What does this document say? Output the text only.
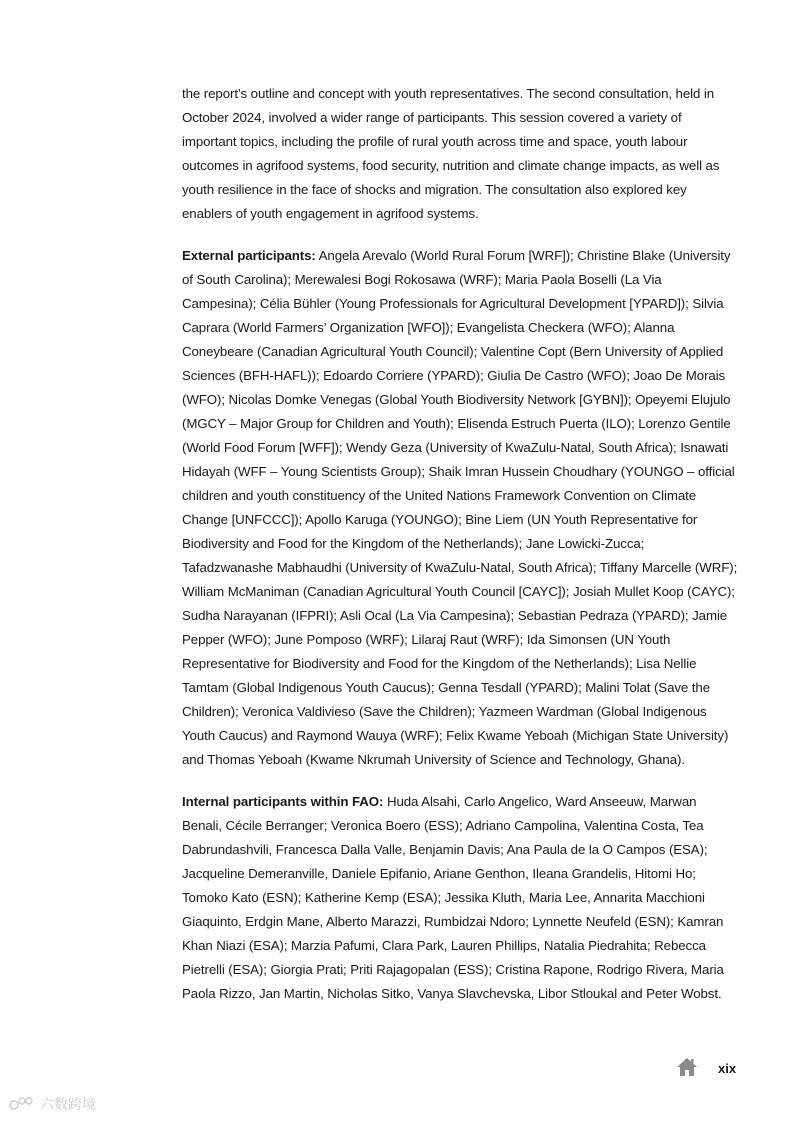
the report’s outline and concept with youth representatives. The second consultation, held in October 2024, involved a wider range of participants. This session covered a variety of important topics, including the profile of rural youth across time and space, youth labour outcomes in agrifood systems, food security, nutrition and climate change impacts, as well as youth resilience in the face of shocks and migration. The consultation also explored key enablers of youth engagement in agrifood systems.

External participants: Angela Arevalo (World Rural Forum [WRF]); Christine Blake (University of South Carolina); Merewalesi Bogi Rokosawa (WRF); Maria Paola Boselli (La Via Campesina); Célia Bühler (Young Professionals for Agricultural Development [YPARD]); Silvia Caprara (World Farmers’ Organization [WFO]); Evangelista Checkera (WFO); Alanna Coneybeare (Canadian Agricultural Youth Council); Valentine Copt (Bern University of Applied Sciences (BFH-HAFL)); Edoardo Corriere (YPARD); Giulia De Castro (WFO); Joao De Morais (WFO); Nicolas Domke Venegas (Global Youth Biodiversity Network [GYBN]); Opeyemi Elujulo (MGCY – Major Group for Children and Youth); Elisenda Estruch Puerta (ILO); Lorenzo Gentile (World Food Forum [WFF]); Wendy Geza (University of KwaZulu-Natal, South Africa); Isnawati Hidayah (WFF – Young Scientists Group); Shaik Imran Hussein Choudhary (YOUNGO – official children and youth constituency of the United Nations Framework Convention on Climate Change [UNFCCC]); Apollo Karuga (YOUNGO); Bine Liem (UN Youth Representative for Biodiversity and Food for the Kingdom of the Netherlands); Jane Lowicki-Zucca; Tafadzwanashe Mabhaudhi (University of KwaZulu-Natal, South Africa); Tiffany Marcelle (WRF); William McManiman (Canadian Agricultural Youth Council [CAYC]); Josiah Mullet Koop (CAYC); Sudha Narayanan (IFPRI); Asli Ocal (La Via Campesina); Sebastian Pedraza (YPARD); Jamie Pepper (WFO); June Pomposo (WRF); Lilaraj Raut (WRF); Ida Simonsen (UN Youth Representative for Biodiversity and Food for the Kingdom of the Netherlands); Lisa Nellie Tamtam (Global Indigenous Youth Caucus); Genna Tesdall (YPARD); Malini Tolat (Save the Children); Veronica Valdivieso (Save the Children); Yazmeen Wardman (Global Indigenous Youth Caucus) and Raymond Wauya (WRF); Felix Kwame Yeboah (Michigan State University) and Thomas Yeboah (Kwame Nkrumah University of Science and Technology, Ghana).

Internal participants within FAO: Huda Alsahi, Carlo Angelico, Ward Anseeuw, Marwan Benali, Cécile Berranger; Veronica Boero (ESS); Adriano Campolina, Valentina Costa, Tea Dabrundashvili, Francesca Dalla Valle, Benjamin Davis; Ana Paula de la O Campos (ESA); Jacqueline Demeranville, Daniele Epifanio, Ariane Genthon, Ileana Grandelis, Hitomi Ho; Tomoko Kato (ESN); Katherine Kemp (ESA); Jessika Kluth, Maria Lee, Annarita Macchioni Giaquinto, Erdgin Mane, Alberto Marazzi, Rumbidzai Ndoro; Lynnette Neufeld (ESN); Kamran Khan Niazi (ESA); Marzia Pafumi, Clara Park, Lauren Phillips, Natalia Piedrahita; Rebecca Pietrelli (ESA); Giorgia Prati; Priti Rajagopalan (ESS); Cristina Rapone, Rodrigo Rivera, Maria Paola Rizzo, Jan Martin, Nicholas Sitko, Vanya Slavchevska, Libor Stloukal and Peter Wobst.

xix
六数跨境
